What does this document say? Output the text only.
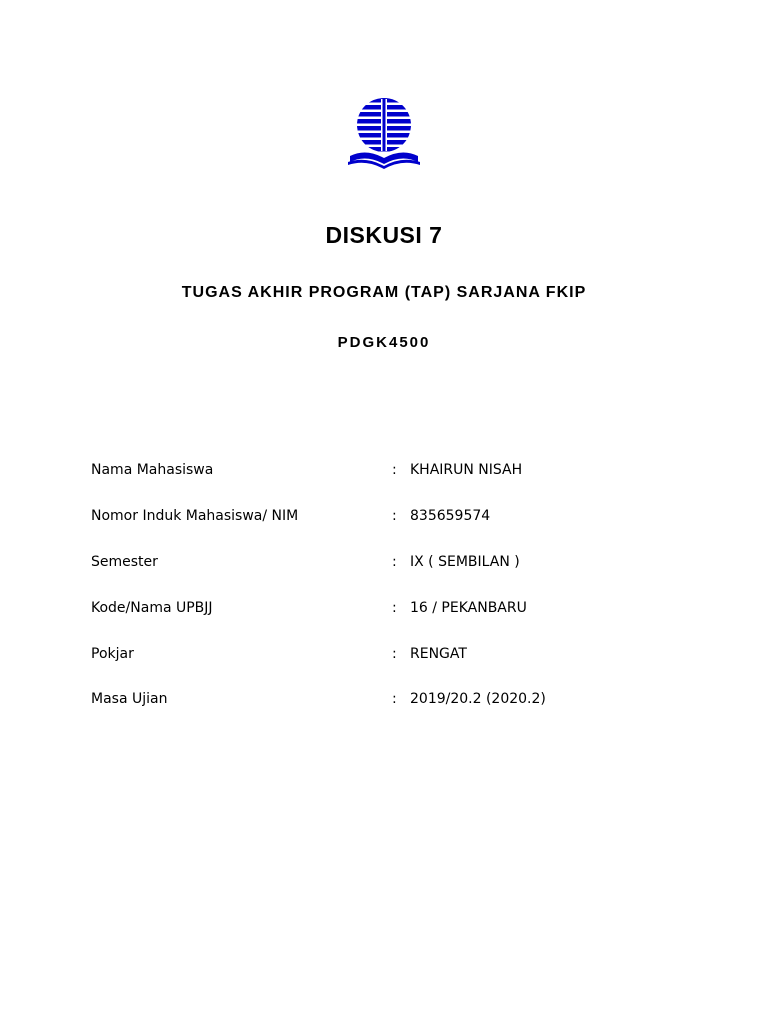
DISKUSI 7
TUGAS AKHIR PROGRAM (TAP) SARJANA FKIP
PDGK4500
Nama Mahasiswa	: KHAIRUN NISAH
Nomor Induk Mahasiswa/ NIM	: 835659574
Semester	: IX ( SEMBILAN )
Kode/Nama UPBJJ	: 16 / PEKANBARU
Pokjar	: RENGAT
Masa Ujian	: 2019/20.2 (2020.2)
